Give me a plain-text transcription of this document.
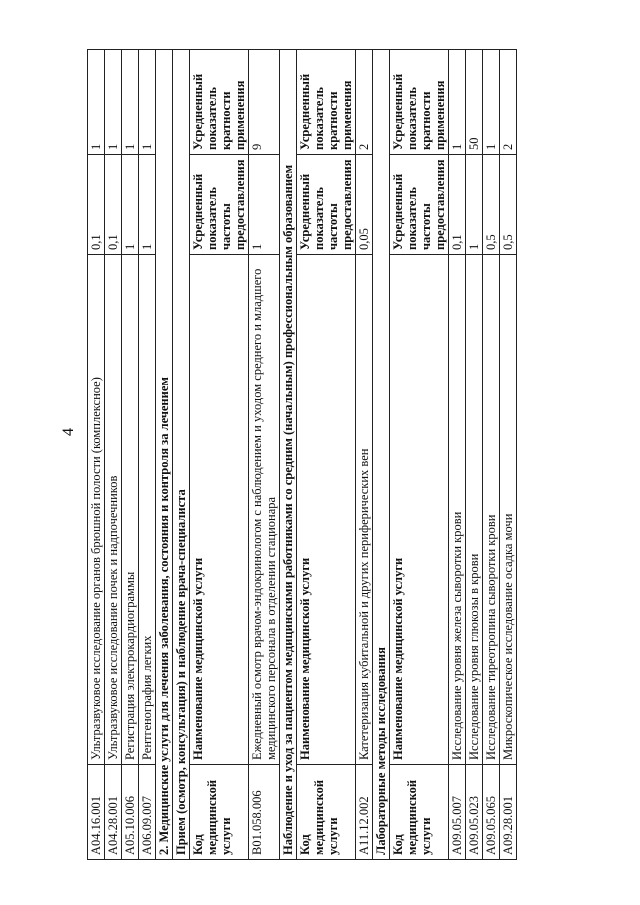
4
A04.16.001	Ультразвуковое исследование органов брюшной полости (комплексное)	0,1	1
A04.28.001	Ультразвуковое исследование почек и надпочечников	0,1	1
A05.10.006	Регистрация электрокардиограммы	1	1
A06.09.007	Рентгенография легких	1	1
2. Медицинские услуги для лечения заболевания, состояния и контроля за лечением			
Прием (осмотр, консультация) и наблюдение врача-специалиста			
Код медицинской услуги	Наименование медицинской услуги	Усредненный показатель частоты предоставления	Усредненный показатель кратности применения
B01.058.006	Ежедневный осмотр врачом-эндокринологом с наблюдением и уходом среднего и младшего медицинского персонала в отделении стационара	1	9
Наблюдение и уход за пациентом медицинскими работниками со средним (начальным) профессиональным образованием			
Код медицинской услуги	Наименование медицинской услуги	Усредненный показатель частоты предоставления	Усредненный показатель кратности применения
A11.12.002	Катетеризация кубитальной и других периферических вен	0,05	2
Лабораторные методы исследования			
Код медицинской услуги	Наименование медицинской услуги	Усредненный показатель частоты предоставления	Усредненный показатель кратности применения
A09.05.007	Исследование уровня железа сыворотки крови	0,1	1
A09.05.023	Исследование уровня глюкозы в крови	1	50
A09.05.065	Исследование тиреотропина сыворотки крови	0,5	1
A09.28.001	Микроскопическое исследование осадка мочи	0,5	2
